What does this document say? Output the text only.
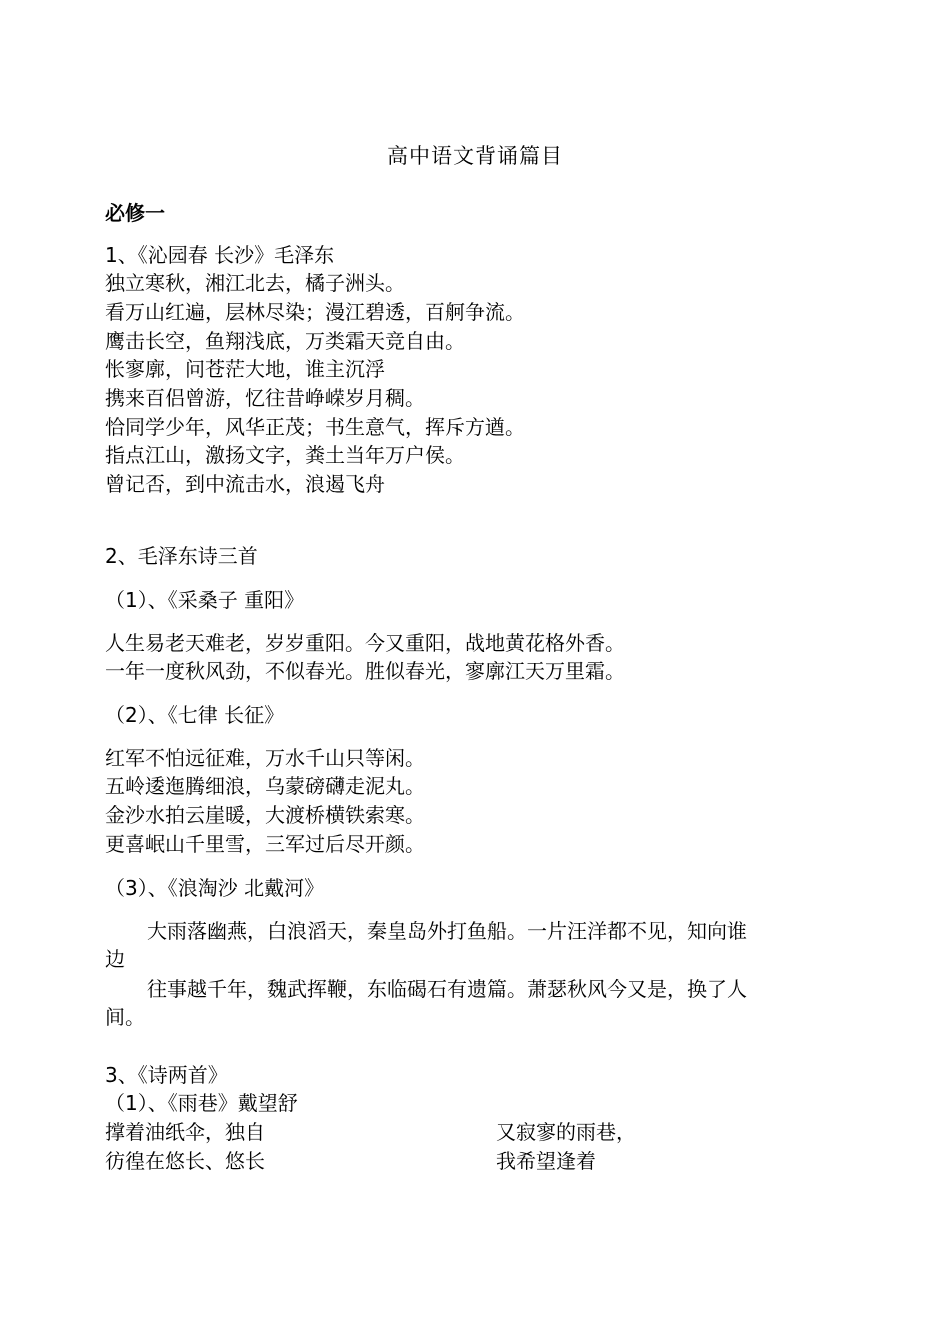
高中语文背诵篇目
必修一
1、《沁园春 长沙》毛泽东
独立寒秋，湘江北去，橘子洲头。
看万山红遍，层林尽染；漫江碧透，百舸争流。
鹰击长空，鱼翔浅底，万类霜天竞自由。
怅寥廓，问苍茫大地，谁主沉浮
携来百侣曾游，忆往昔峥嵘岁月稠。
恰同学少年，风华正茂；书生意气，挥斥方遒。
指点江山，激扬文字，粪土当年万户侯。
曾记否，到中流击水，浪遏飞舟
2、毛泽东诗三首
（1）、《采桑子 重阳》
人生易老天难老，岁岁重阳。今又重阳，战地黄花格外香。
一年一度秋风劲，不似春光。胜似春光，寥廓江天万里霜。
（2）、《七律 长征》
红军不怕远征难，万水千山只等闲。
五岭逶迤腾细浪，乌蒙磅礴走泥丸。
金沙水拍云崖暖，大渡桥横铁索寒。
更喜岷山千里雪，三军过后尽开颜。
（3）、《浪淘沙 北戴河》
大雨落幽燕，白浪滔天，秦皇岛外打鱼船。一片汪洋都不见，知向谁
边
往事越千年，魏武挥鞭，东临碣石有遗篇。萧瑟秋风今又是，换了人
间。
3、《诗两首》
（1）、《雨巷》戴望舒
撑着油纸伞，独自	又寂寥的雨巷，
彷徨在悠长、悠长	我希望逢着
